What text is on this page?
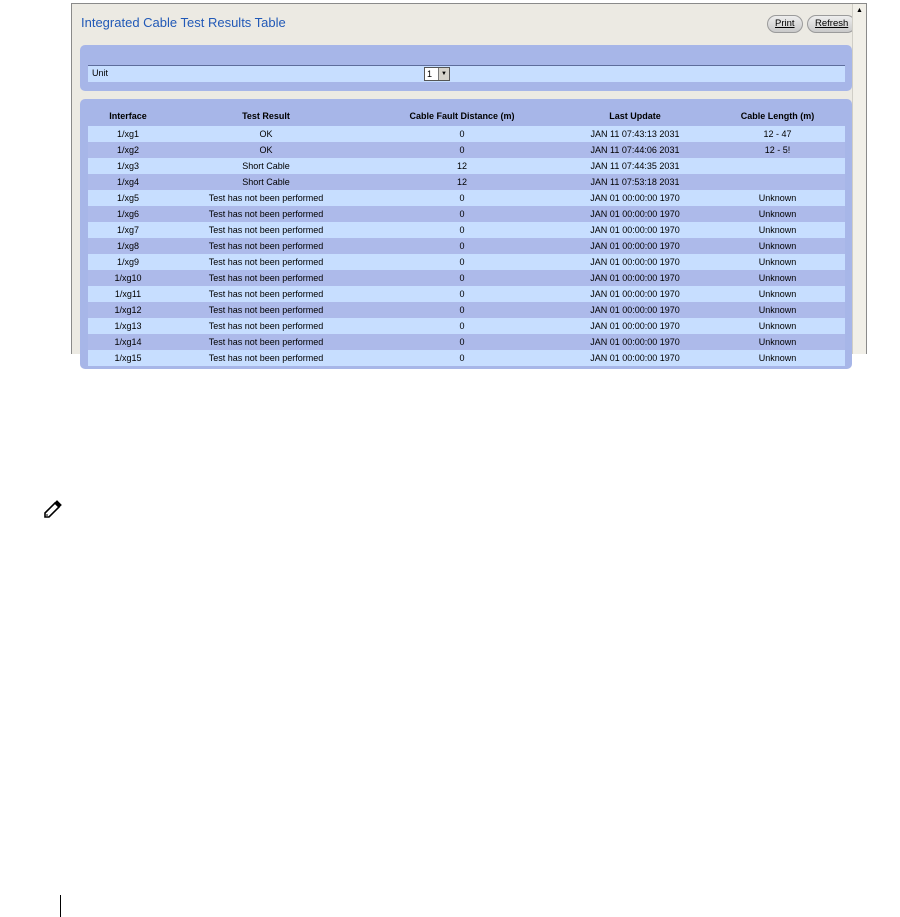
Integrated Cable Test Results Table	Print	Refresh
Unit	1	▼
Interface	Test Result	Cable Fault Distance (m)	Last Update	Cable Length (m)
1/xg1	OK	0	JAN 11 07:43:13 2031	12 - 47
1/xg2	OK	0	JAN 11 07:44:06 2031	12 - 5!
1/xg3	Short Cable	12	JAN 11 07:44:35 2031	
1/xg4	Short Cable	12	JAN 11 07:53:18 2031	
1/xg5	Test has not been performed	0	JAN 01 00:00:00 1970	Unknown
1/xg6	Test has not been performed	0	JAN 01 00:00:00 1970	Unknown
1/xg7	Test has not been performed	0	JAN 01 00:00:00 1970	Unknown
1/xg8	Test has not been performed	0	JAN 01 00:00:00 1970	Unknown
1/xg9	Test has not been performed	0	JAN 01 00:00:00 1970	Unknown
1/xg10	Test has not been performed	0	JAN 01 00:00:00 1970	Unknown
1/xg11	Test has not been performed	0	JAN 01 00:00:00 1970	Unknown
1/xg12	Test has not been performed	0	JAN 01 00:00:00 1970	Unknown
1/xg13	Test has not been performed	0	JAN 01 00:00:00 1970	Unknown
1/xg14	Test has not been performed	0	JAN 01 00:00:00 1970	Unknown
1/xg15	Test has not been performed	0	JAN 01 00:00:00 1970	Unknown
▲
